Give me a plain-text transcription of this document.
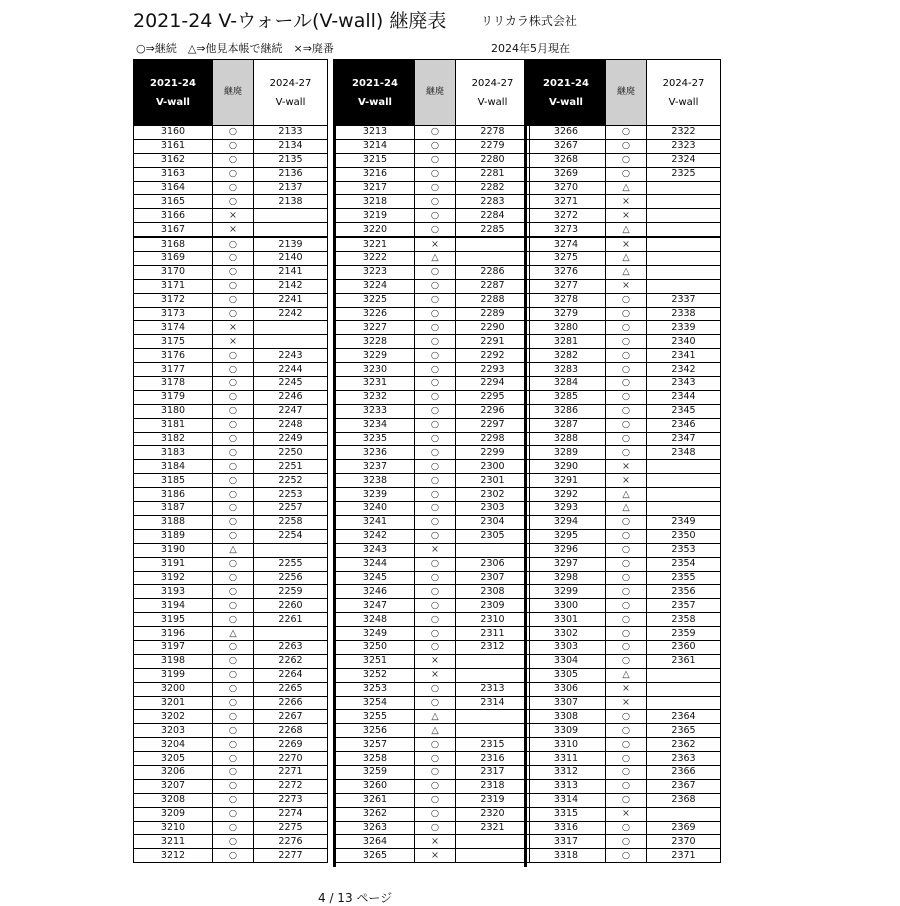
2021-24 V-ウォール(V-wall) 継廃表	リリカラ株式会社
○⇒継続　△⇒他見本帳で継続　×⇒廃番	2024年5月現在
2021-24
V-wall	継廃	2024-27
V-wall
3160	○	2133
3161	○	2134
3162	○	2135
3163	○	2136
3164	○	2137
3165	○	2138
3166	×	
3167	×	
3168	○	2139
3169	○	2140
3170	○	2141
3171	○	2142
3172	○	2241
3173	○	2242
3174	×	
3175	×	
3176	○	2243
3177	○	2244
3178	○	2245
3179	○	2246
3180	○	2247
3181	○	2248
3182	○	2249
3183	○	2250
3184	○	2251
3185	○	2252
3186	○	2253
3187	○	2257
3188	○	2258
3189	○	2254
3190	△	
3191	○	2255
3192	○	2256
3193	○	2259
3194	○	2260
3195	○	2261
3196	△	
3197	○	2263
3198	○	2262
3199	○	2264
3200	○	2265
3201	○	2266
3202	○	2267
3203	○	2268
3204	○	2269
3205	○	2270
3206	○	2271
3207	○	2272
3208	○	2273
3209	○	2274
3210	○	2275
3211	○	2276
3212	○	2277
2021-24
V-wall	継廃	2024-27
V-wall
3213	○	2278
3214	○	2279
3215	○	2280
3216	○	2281
3217	○	2282
3218	○	2283
3219	○	2284
3220	○	2285
3221	×	
3222	△	
3223	○	2286
3224	○	2287
3225	○	2288
3226	○	2289
3227	○	2290
3228	○	2291
3229	○	2292
3230	○	2293
3231	○	2294
3232	○	2295
3233	○	2296
3234	○	2297
3235	○	2298
3236	○	2299
3237	○	2300
3238	○	2301
3239	○	2302
3240	○	2303
3241	○	2304
3242	○	2305
3243	×	
3244	○	2306
3245	○	2307
3246	○	2308
3247	○	2309
3248	○	2310
3249	○	2311
3250	○	2312
3251	×	
3252	×	
3253	○	2313
3254	○	2314
3255	△	
3256	△	
3257	○	2315
3258	○	2316
3259	○	2317
3260	○	2318
3261	○	2319
3262	○	2320
3263	○	2321
3264	×	
3265	×	
2021-24
V-wall	継廃	2024-27
V-wall
3266	○	2322
3267	○	2323
3268	○	2324
3269	○	2325
3270	△	
3271	×	
3272	×	
3273	△	
3274	×	
3275	△	
3276	△	
3277	×	
3278	○	2337
3279	○	2338
3280	○	2339
3281	○	2340
3282	○	2341
3283	○	2342
3284	○	2343
3285	○	2344
3286	○	2345
3287	○	2346
3288	○	2347
3289	○	2348
3290	×	
3291	×	
3292	△	
3293	△	
3294	○	2349
3295	○	2350
3296	○	2353
3297	○	2354
3298	○	2355
3299	○	2356
3300	○	2357
3301	○	2358
3302	○	2359
3303	○	2360
3304	○	2361
3305	△	
3306	×	
3307	×	
3308	○	2364
3309	○	2365
3310	○	2362
3311	○	2363
3312	○	2366
3313	○	2367
3314	○	2368
3315	×	
3316	○	2369
3317	○	2370
3318	○	2371
4 / 13 ページ
